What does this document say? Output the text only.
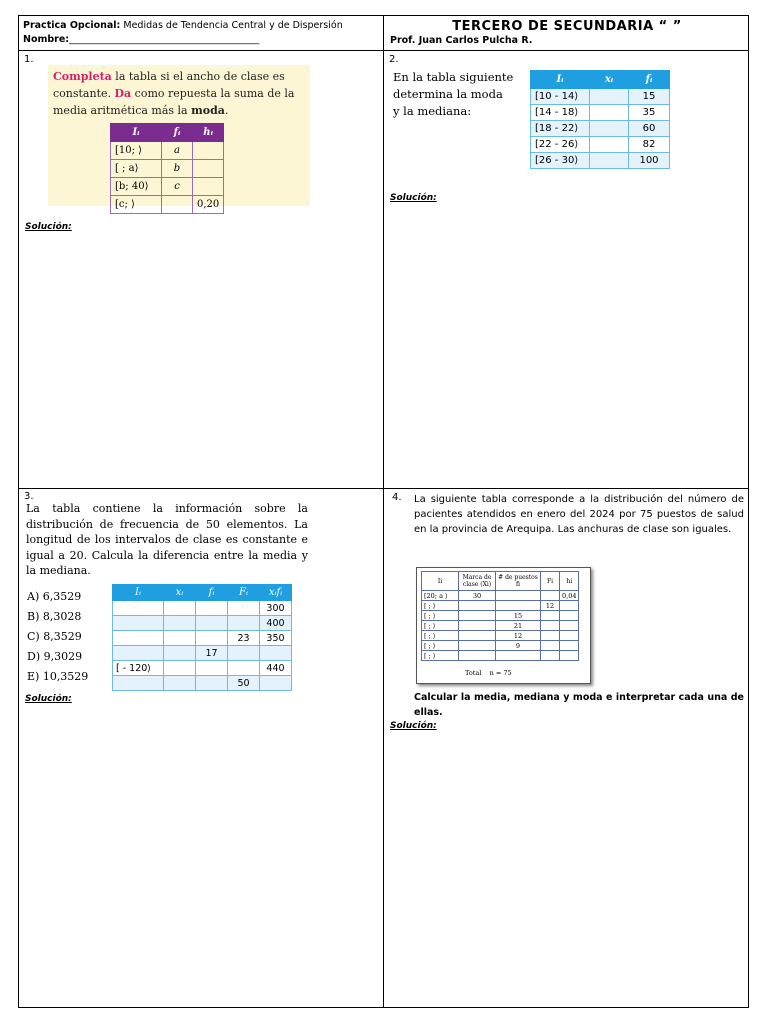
Practica Opcional: Medidas de Tendencia Central y de Dispersión
Nombre:________________________________________
TERCERO DE SECUNDARIA “ ”
Prof. Juan Carlos Pulcha R.
1.
Completa la tabla si el ancho de clase es constante. Da como repuesta la suma de la media aritmética más la moda.
Iᵢ	fᵢ	hᵢ
[10; ⟩	a	
[ ; a⟩	b	
[b; 40⟩	c	
[c; ⟩		0,20
Solución:
2.
En la tabla siguiente
determina la moda
y la mediana:
Iᵢ	xᵢ	fᵢ
[10 - 14⟩		15
[14 - 18⟩		35
[18 - 22⟩		60
[22 - 26⟩		82
[26 - 30⟩		100
Solución:
3.
La tabla contiene la información sobre la distribución de frecuencia de 50 elementos. La longitud de los intervalos de clase es constante e igual a 20. Calcula la diferencia entre la media y la mediana.
A) 6,3529
B) 8,3028
C) 8,3529
D) 9,3029
E) 10,3529
Iᵢ	xᵢ	fᵢ	Fᵢ	xᵢfᵢ
				300
				400
			23	350
		17		
[ - 120⟩				440
			50	
Solución:
4. La siguiente tabla corresponde a la distribución del número de pacientes atendidos en enero del 2024 por 75 puestos de salud en la provincia de Arequipa. Las anchuras de clase son iguales.
Ii	Marca de clase (Xi)	# de puestos fi	Fi	hi
[20; a ⟩	30			0,04
[ ; ⟩			12	
[ ; ⟩		15		
[ ; ⟩		21		
[ ; ⟩		12		
[ ; ⟩		9		
[ ; ⟩				
Total n = 75
Calcular la media, mediana y moda e interpretar cada una de ellas.
Solución:
